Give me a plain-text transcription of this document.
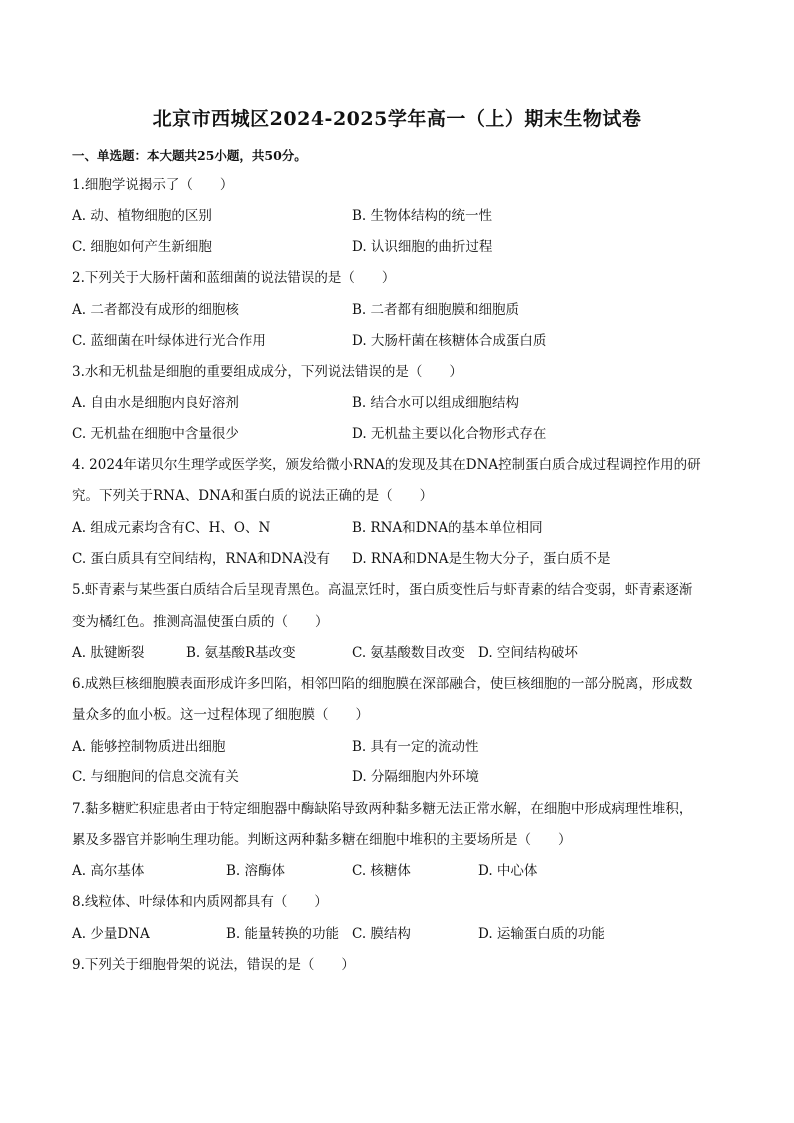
北京市西城区2024-2025学年高一（上）期末生物试卷
一、单选题：本大题共25小题，共50分。
1.细胞学说揭示了（　　）
A. 动、植物细胞的区别	B. 生物体结构的统一性
C. 细胞如何产生新细胞	D. 认识细胞的曲折过程
2.下列关于大肠杆菌和蓝细菌的说法错误的是（　　）
A. 二者都没有成形的细胞核	B. 二者都有细胞膜和细胞质
C. 蓝细菌在叶绿体进行光合作用	D. 大肠杆菌在核糖体合成蛋白质
3.水和无机盐是细胞的重要组成成分，下列说法错误的是（　　）
A. 自由水是细胞内良好溶剂	B. 结合水可以组成细胞结构
C. 无机盐在细胞中含量很少	D. 无机盐主要以化合物形式存在
4. 2024年诺贝尔生理学或医学奖，颁发给微小RNA的发现及其在DNA控制蛋白质合成过程调控作用的研
究。下列关于RNA、DNA和蛋白质的说法正确的是（　　）
A. 组成元素均含有C、H、O、N	B. RNA和DNA的基本单位相同
C. 蛋白质具有空间结构，RNA和DNA没有 D. RNA和DNA是生物大分子，蛋白质不是
5.虾青素与某些蛋白质结合后呈现青黑色。高温烹饪时，蛋白质变性后与虾青素的结合变弱，虾青素逐渐
变为橘红色。推测高温使蛋白质的（　　）
A. 肽键断裂	B. 氨基酸R基改变	C. 氨基酸数目改变 D. 空间结构破坏
6.成熟巨核细胞膜表面形成许多凹陷，相邻凹陷的细胞膜在深部融合，使巨核细胞的一部分脱离，形成数
量众多的血小板。这一过程体现了细胞膜（　　）
A. 能够控制物质进出细胞	B. 具有一定的流动性
C. 与细胞间的信息交流有关	D. 分隔细胞内外环境
7.黏多糖贮积症患者由于特定细胞器中酶缺陷导致两种黏多糖无法正常水解，在细胞中形成病理性堆积，
累及多器官并影响生理功能。判断这两种黏多糖在细胞中堆积的主要场所是（　　）
A. 高尔基体	B. 溶酶体	C. 核糖体	D. 中心体
8.线粒体、叶绿体和内质网都具有（　　）
A. 少量DNA	B. 能量转换的功能 C. 膜结构	D. 运输蛋白质的功能
9.下列关于细胞骨架的说法，错误的是（　　）
